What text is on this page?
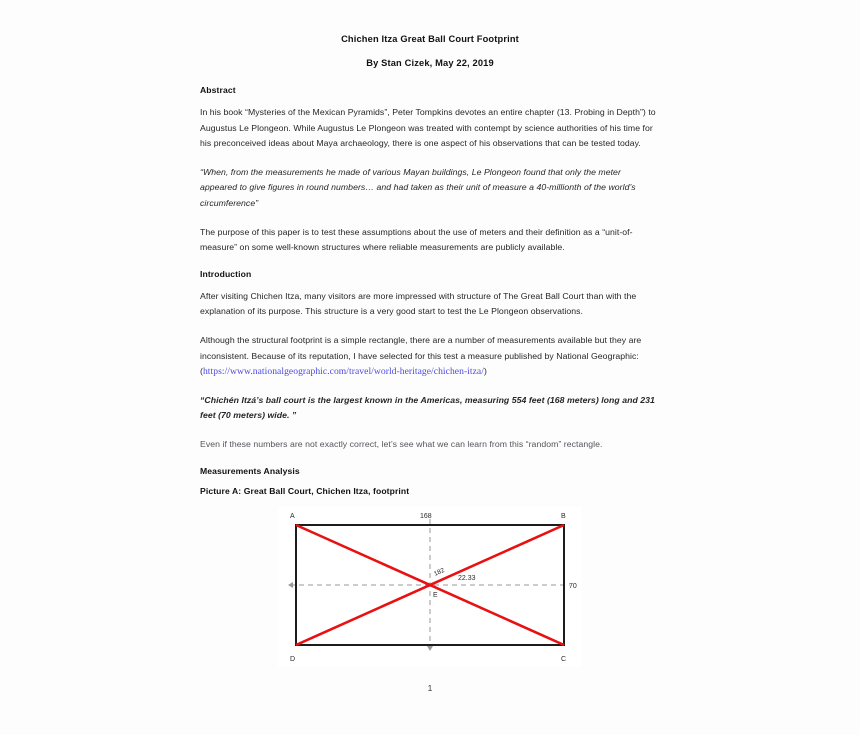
Chichen Itza Great Ball Court Footprint
By Stan Cizek, May 22, 2019
Abstract

In his book “Mysteries of the Mexican Pyramids”, Peter Tompkins devotes an entire chapter (13. Probing in Depth”) to Augustus Le Plongeon. While Augustus Le Plongeon was treated with contempt by science authorities of his time for his preconceived ideas about Maya archaeology, there is one aspect of his observations that can be tested today.

“When, from the measurements he made of various Mayan buildings, Le Plongeon found that only the meter appeared to give figures in round numbers… and had taken as their unit of measure a 40-millionth of the world’s circumference”

The purpose of this paper is to test these assumptions about the use of meters and their definition as a “unit-of-measure” on some well-known structures where reliable measurements are publicly available.

Introduction

After visiting Chichen Itza, many visitors are more impressed with structure of The Great Ball Court than with the explanation of its purpose. This structure is a very good start to test the Le Plongeon observations.

Although the structural footprint is a simple rectangle, there are a number of measurements available but they are inconsistent. Because of its reputation, I have selected for this test a measure published by National Geographic: (https://www.nationalgeographic.com/travel/world-heritage/chichen-itza/)

“Chichén Itzá’s ball court is the largest known in the Americas, measuring 554 feet (168 meters) long and 231 feet (70 meters) wide. ”

Even if these numbers are not exactly correct, let’s see what we can learn from this “random” rectangle.

Measurements Analysis
Picture A: Great Ball Court, Chichen Itza, footprint
A	B
C
D
168
70
182
22.33
E
1
